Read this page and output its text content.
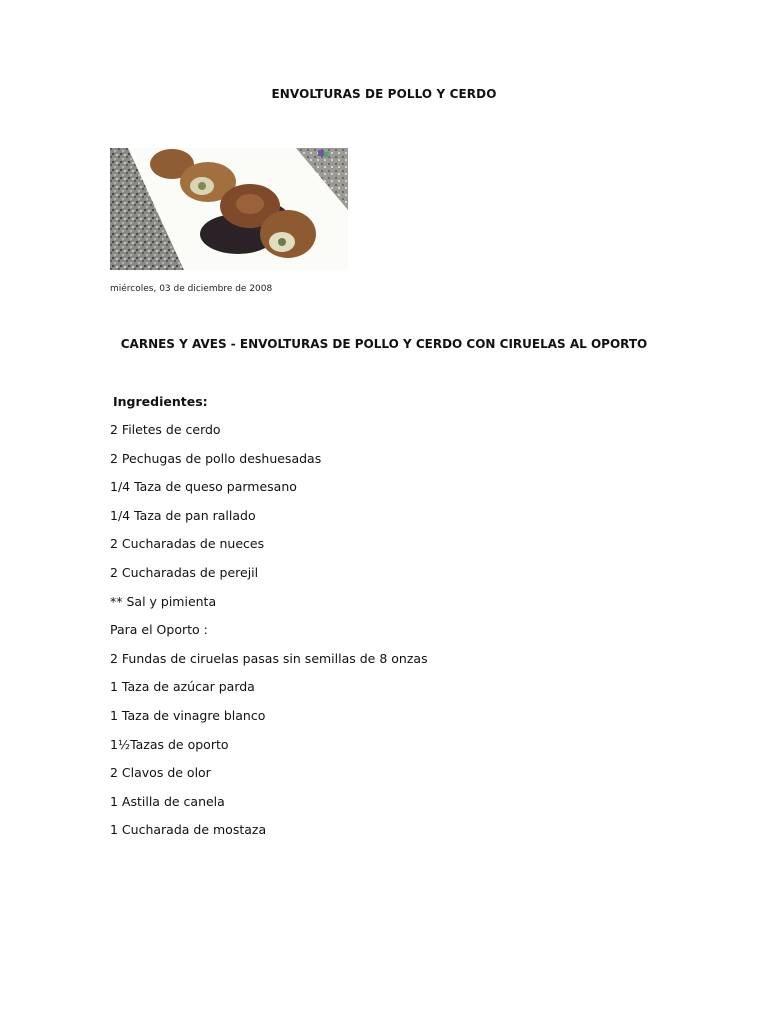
ENVOLTURAS DE POLLO Y CERDO
miércoles, 03 de diciembre de 2008
CARNES Y AVES - ENVOLTURAS DE POLLO Y CERDO CON CIRUELAS AL OPORTO
Ingredientes:
2 Filetes de cerdo
2 Pechugas de pollo deshuesadas
1/4 Taza de queso parmesano
1/4 Taza de pan rallado
2 Cucharadas de nueces
2 Cucharadas de perejil
** Sal y pimienta
Para el Oporto :
2 Fundas de ciruelas pasas sin semillas de 8 onzas
1 Taza de azúcar parda
1 Taza de vinagre blanco
1½Tazas de oporto
2 Clavos de olor
1 Astilla de canela
1 Cucharada de mostaza
